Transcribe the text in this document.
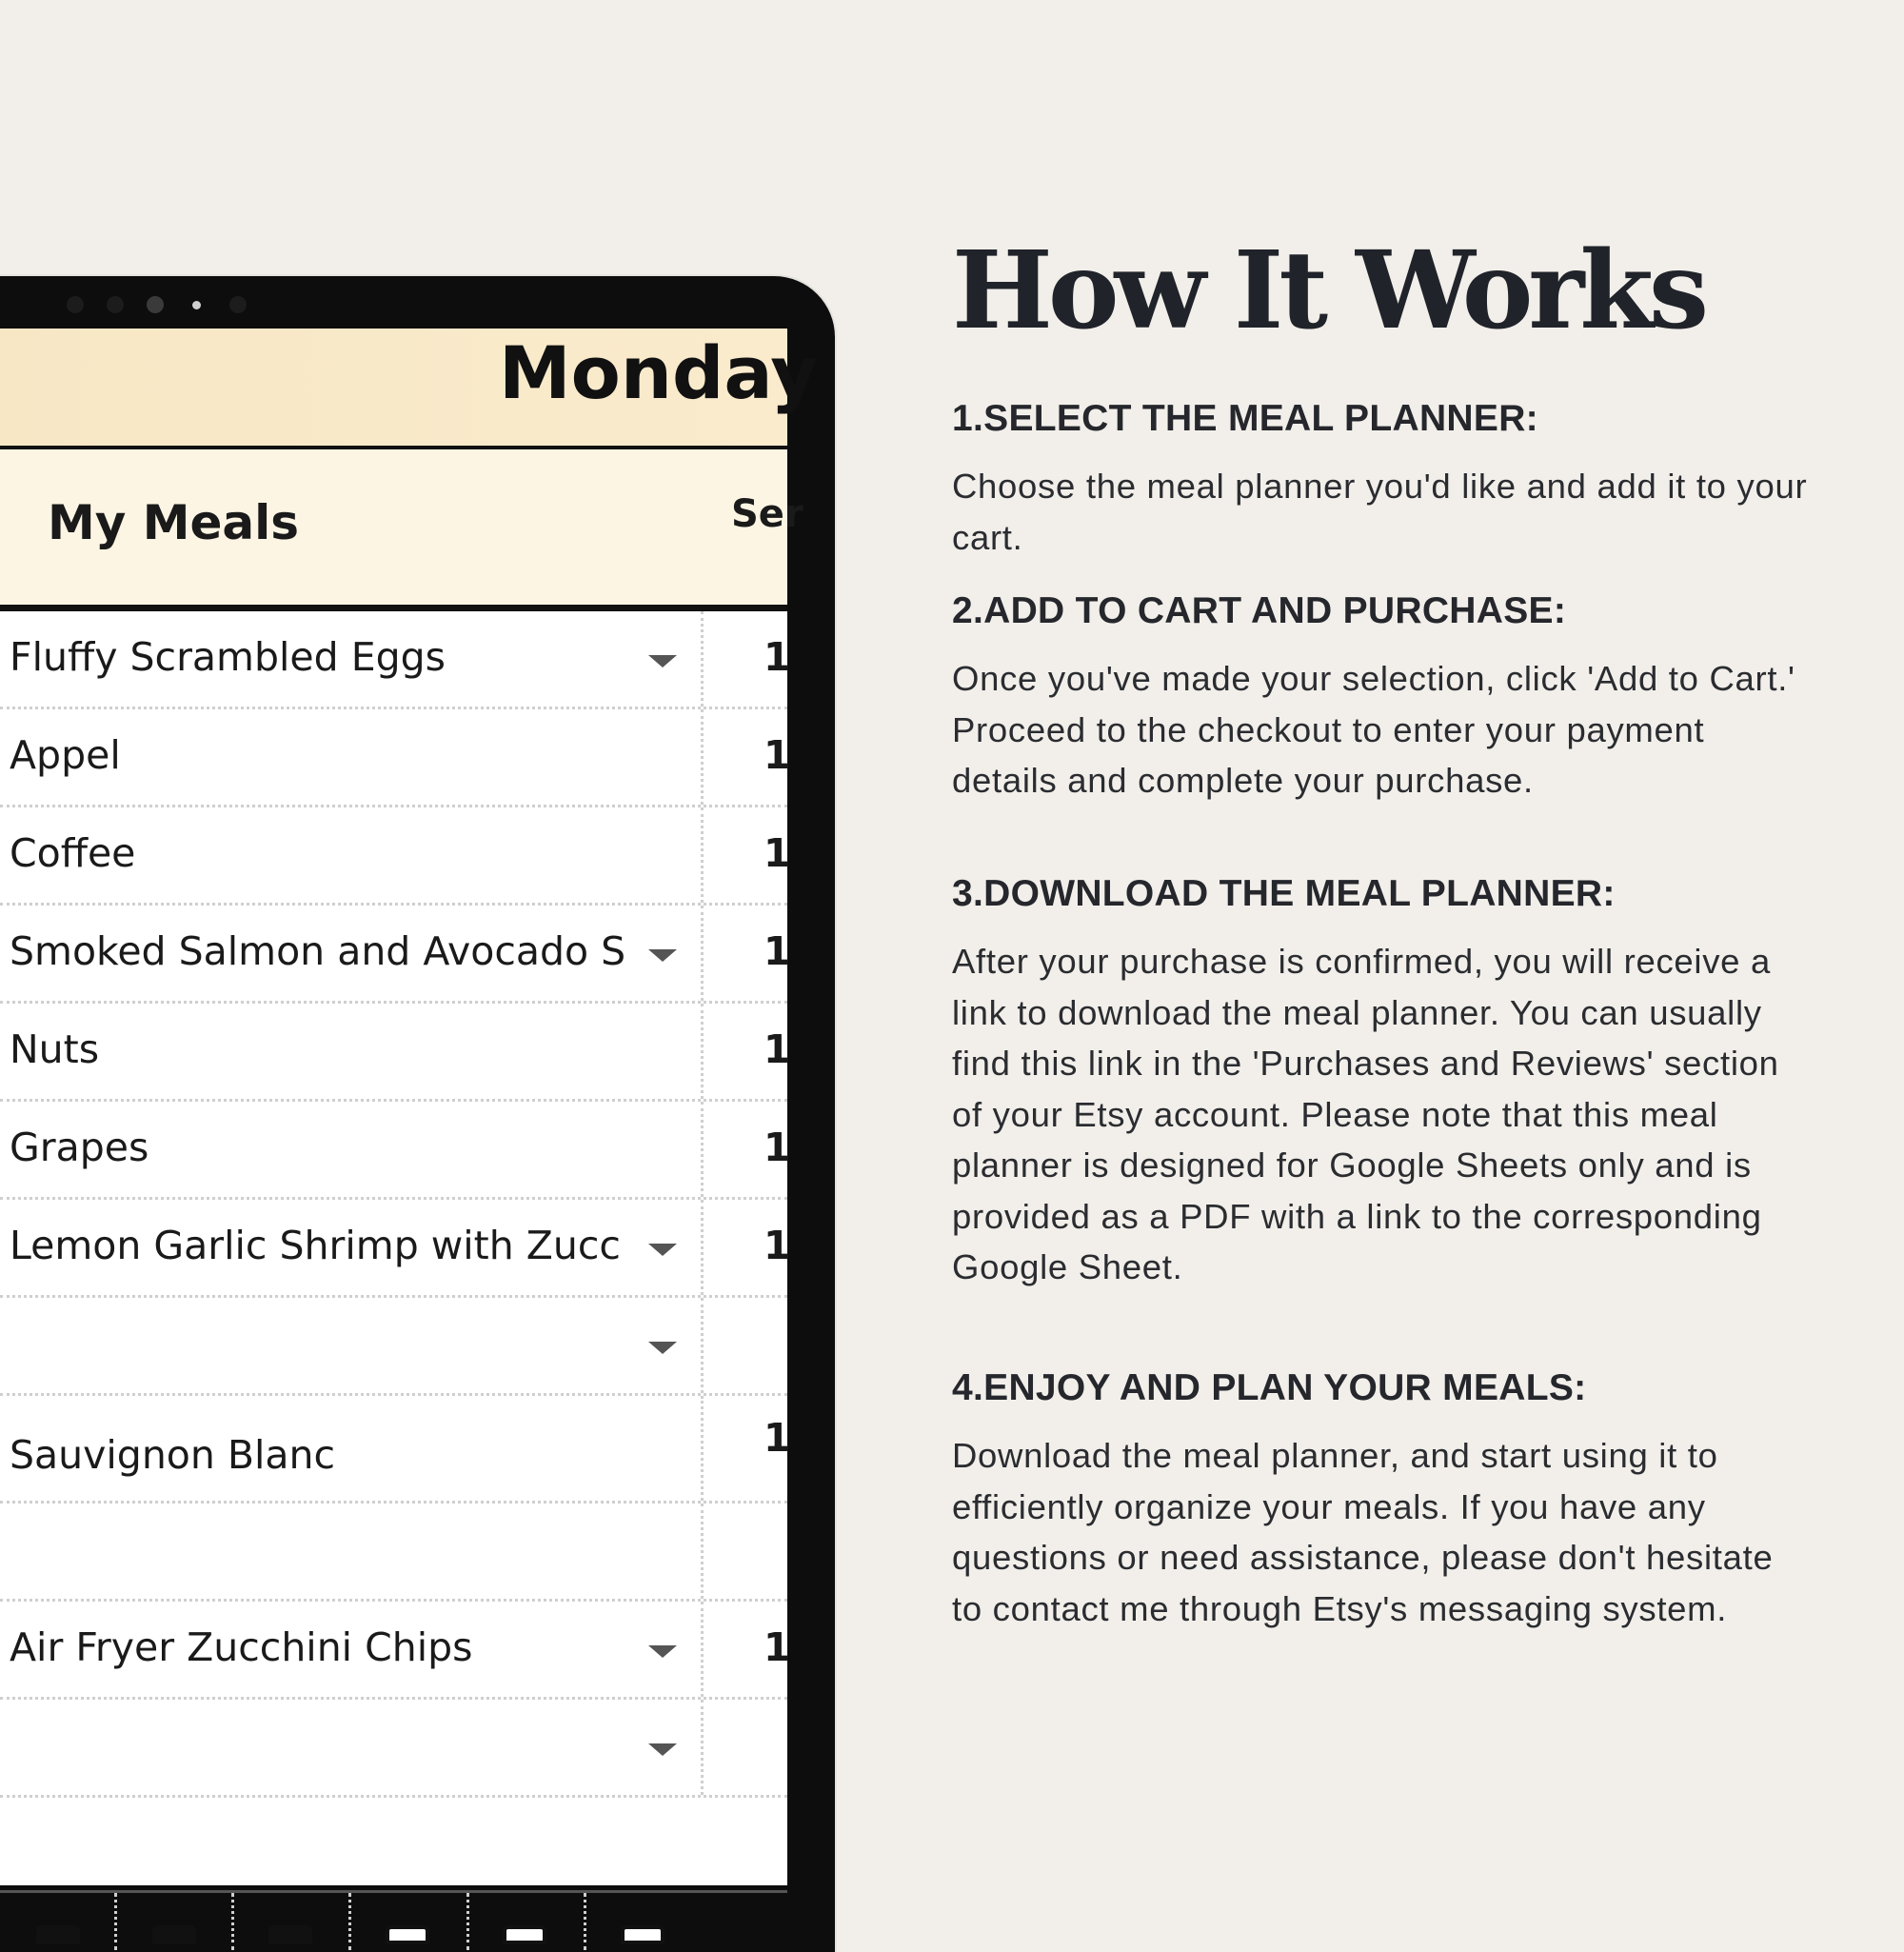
Monday
My Meals	Ser
Fluffy Scrambled Eggs	1
Appel	1
Coffee	1
Smoked Salmon and Avocado S	1
Nuts	1
Grapes	1
Lemon Garlic Shrimp with Zucc	1
Sauvignon Blanc	1
Air Fryer Zucchini Chips	1
How It Works
1.SELECT THE MEAL PLANNER:
Choose the meal planner you'd like and add it to your cart.
2.ADD TO CART AND PURCHASE:
Once you've made your selection, click 'Add to Cart.' Proceed to the checkout to enter your payment details and complete your purchase.
3.DOWNLOAD THE MEAL PLANNER:
After your purchase is confirmed, you will receive a link to download the meal planner. You can usually find this link in the 'Purchases and Reviews' section of your Etsy account. Please note that this meal planner is designed for Google Sheets only and is provided as a PDF with a link to the corresponding Google Sheet.
4.ENJOY AND PLAN YOUR MEALS:
Download the meal planner, and start using it to efficiently organize your meals. If you have any questions or need assistance, please don't hesitate to contact me through Etsy's messaging system.
